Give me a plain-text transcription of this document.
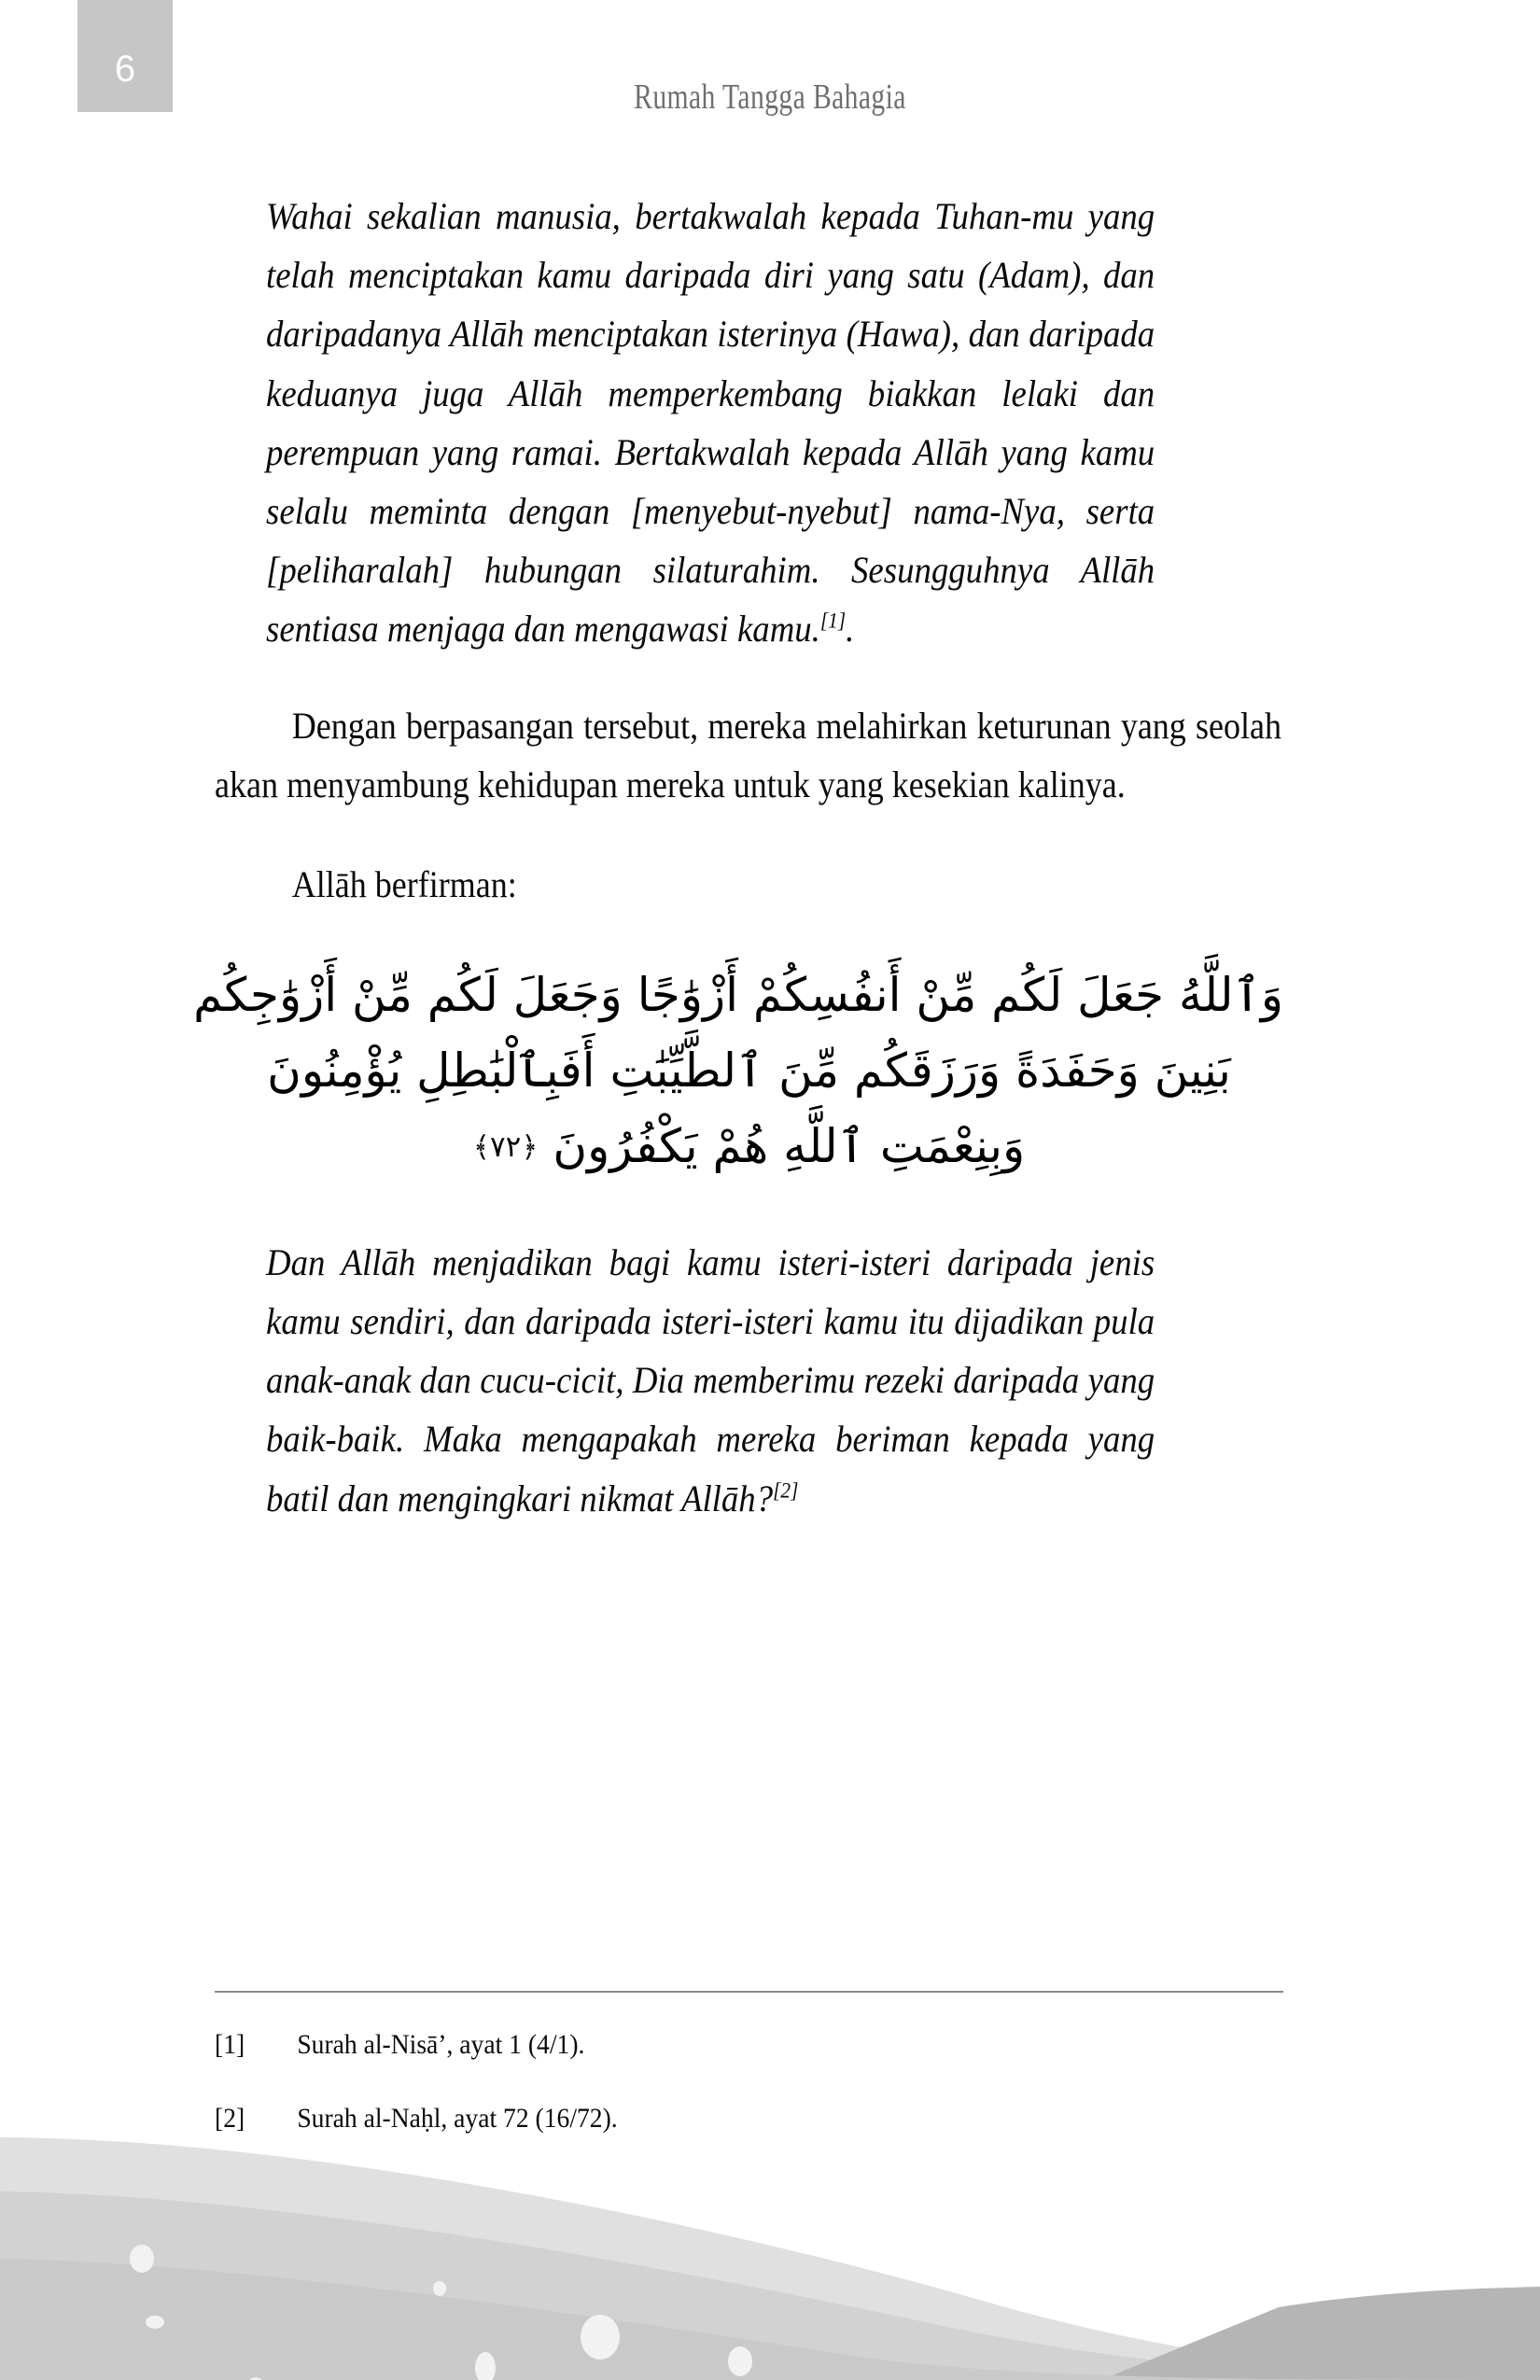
6
Rumah Tangga Bahagia

Wahai sekalian manusia, bertakwalah kepada Tuhan-mu yang telah menciptakan kamu daripada diri yang satu (Adam), dan daripadanya Allāh menciptakan isterinya (Hawa), dan daripada keduanya juga Allāh memperkembang biakkan lelaki dan perempuan yang ramai. Bertakwalah kepada Allāh yang kamu selalu meminta dengan [menyebut-nyebut] nama-Nya, serta [peliharalah] hubungan silaturahim. Sesungguhnya Allāh sentiasa menjaga dan mengawasi kamu.[1].

Dengan berpasangan tersebut, mereka melahirkan keturunan yang seolah akan menyambung kehidupan mereka untuk yang kesekian kalinya.

Allāh berfirman:

وَٱللَّهُ جَعَلَ لَكُم مِّنْ أَنفُسِكُمْ أَزْوَٰجًا وَجَعَلَ لَكُم مِّنْ أَزْوَٰجِكُم
بَنِينَ وَحَفَدَةً وَرَزَقَكُم مِّنَ ٱلطَّيِّبَٰتِ أَفَبِٱلْبَٰطِلِ يُؤْمِنُونَ
وَبِنِعْمَتِ ٱللَّهِ هُمْ يَكْفُرُونَ ﴿٧٢﴾

Dan Allāh menjadikan bagi kamu isteri-isteri daripada jenis kamu sendiri, dan daripada isteri-isteri kamu itu dijadikan pula anak-anak dan cucu-cicit, Dia memberimu rezeki daripada yang baik-baik. Maka mengapakah mereka beriman kepada yang batil dan mengingkari nikmat Allāh?[2]

[1]	Surah al-Nisā’, ayat 1 (4/1).
[2]	Surah al-Naḥl, ayat 72 (16/72).
